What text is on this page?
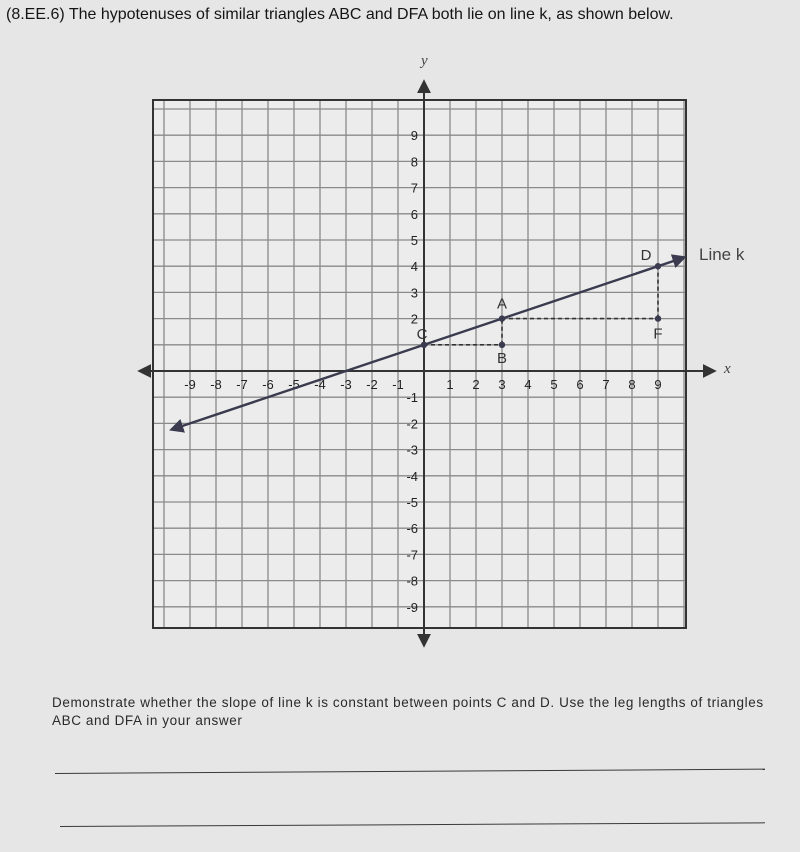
(8.EE.6) The hypotenuses of similar triangles ABC and DFA both lie on line k, as shown below.
-9 -8 -7 -6 -5 -4 -3 -2 -1	1 2 3 4 5 6 7 8 9
9
8
7
6
5
4
3
2
-1
-2
-3
-4
-5
-6
-7
-8
-9
C
A
B
D
F
y
x
Line k
Demonstrate whether the slope of line k is constant between points C and D. Use the leg lengths of triangles ABC and DFA in your answer
